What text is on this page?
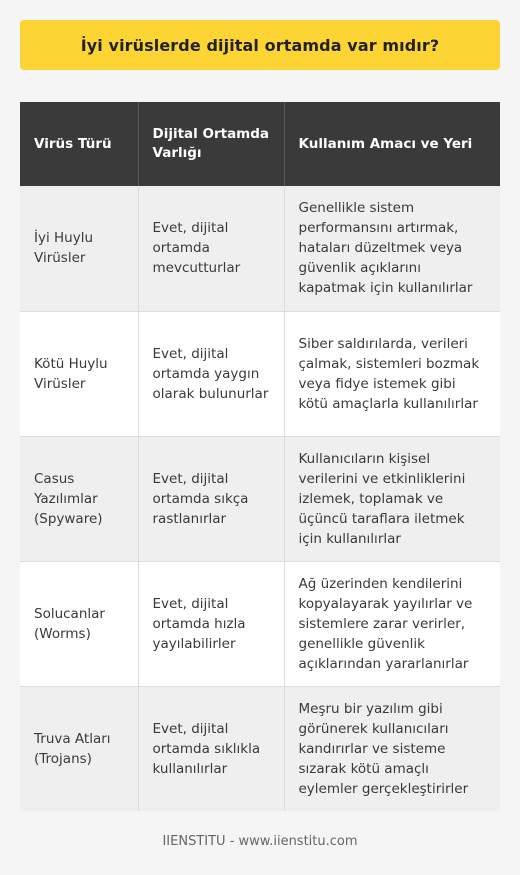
İyi virüslerde dijital ortamda var mıdır?
Virüs Türü	Dijital Ortamda Varlığı	Kullanım Amacı ve Yeri
İyi Huylu Virüsler	Evet, dijital ortamda mevcutturlar	Genellikle sistem performansını artırmak, hataları düzeltmek veya güvenlik açıklarını kapatmak için kullanılırlar
Kötü Huylu Virüsler	Evet, dijital ortamda yaygın olarak bulunurlar	Siber saldırılarda, verileri çalmak, sistemleri bozmak veya fidye istemek gibi kötü amaçlarla kullanılırlar
Casus Yazılımlar (Spyware)	Evet, dijital ortamda sıkça rastlanırlar	Kullanıcıların kişisel verilerini ve etkinliklerini izlemek, toplamak ve üçüncü taraflara iletmek için kullanılırlar
Solucanlar (Worms)	Evet, dijital ortamda hızla yayılabilirler	Ağ üzerinden kendilerini kopyalayarak yayılırlar ve sistemlere zarar verirler, genellikle güvenlik açıklarından yararlanırlar
Truva Atları (Trojans)	Evet, dijital ortamda sıklıkla kullanılırlar	Meşru bir yazılım gibi görünerek kullanıcıları kandırırlar ve sisteme sızarak kötü amaçlı eylemler gerçekleştirirler
IIENSTITU - www.iienstitu.com
